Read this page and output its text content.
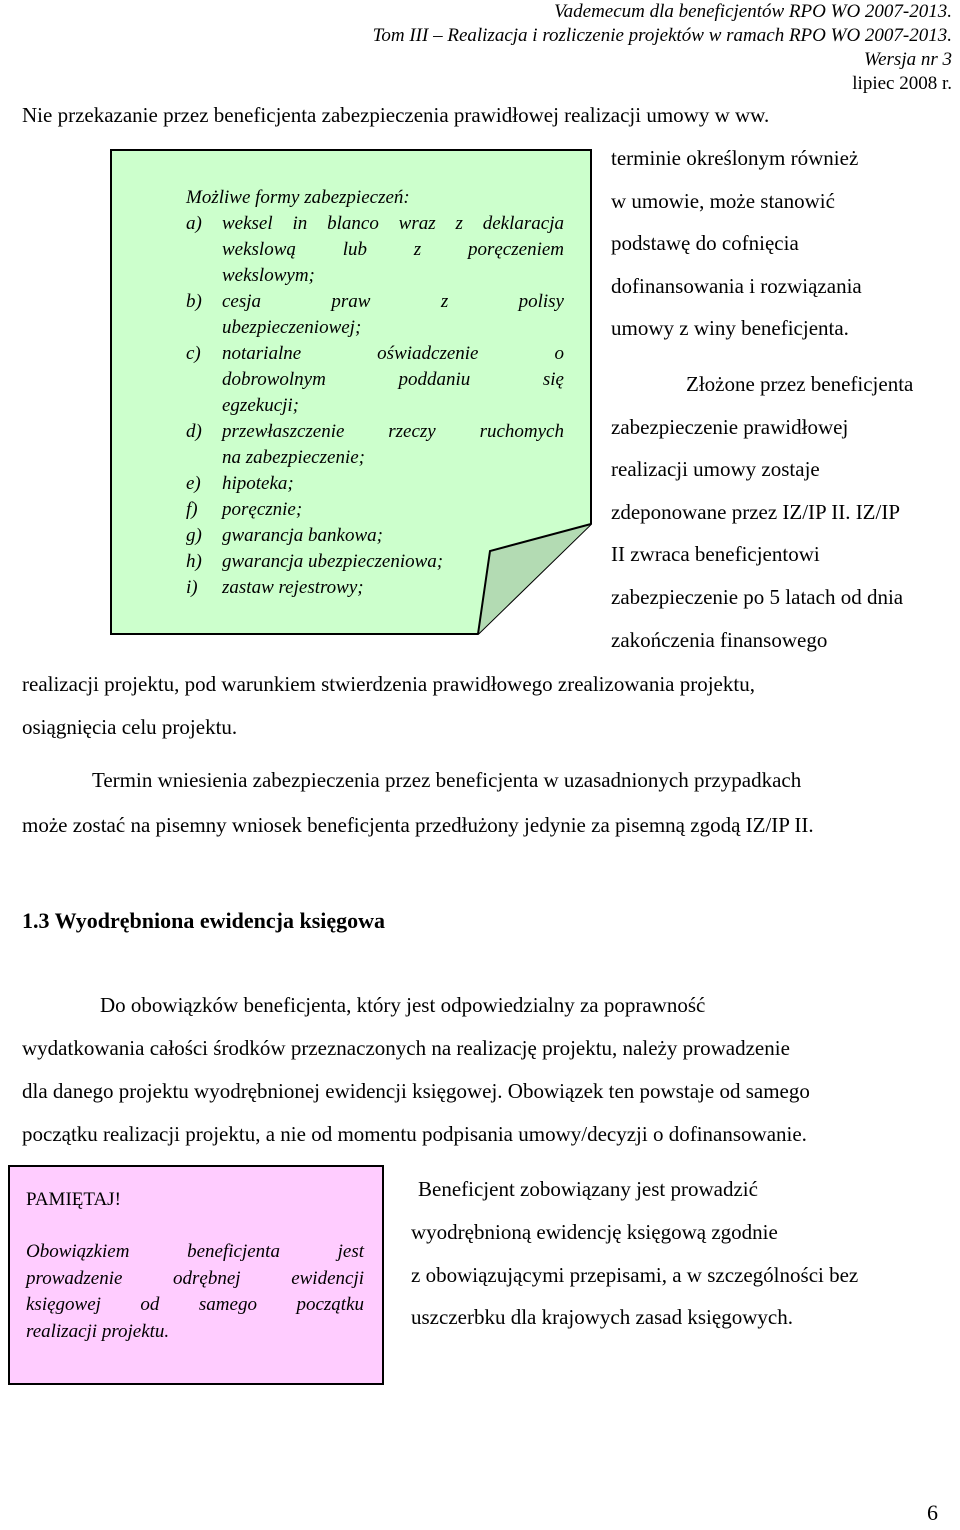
Vademecum dla beneficjentów RPO WO 2007-2013.
Tom III – Realizacja i rozliczenie projektów w ramach RPO WO 2007-2013.
Wersja nr 3
lipiec 2008 r.
Nie przekazanie przez beneficjenta zabezpieczenia prawidłowej realizacji umowy w ww.
Możliwe formy zabezpieczeń:
a) weksel in blanco wraz z deklaracja
wekslową lub z poręczeniem
wekslowym;
b) cesja praw z polisy
ubezpieczeniowej;
c) notarialne oświadczenie o
dobrowolnym poddaniu się
egzekucji;
d) przewłaszczenie rzeczy ruchomych
na zabezpieczenie;
e) hipoteka;
f) poręcznie;
g) gwarancja bankowa;
h) gwarancja ubezpieczeniowa;
i) zastaw rejestrowy;
terminie określonym również
w umowie, może stanowić
podstawę do cofnięcia
dofinansowania i rozwiązania
umowy z winy beneficjenta.
Złożone przez beneficjenta
zabezpieczenie prawidłowej
realizacji umowy zostaje
zdeponowane przez IZ/IP II. IZ/IP
II zwraca beneficjentowi
zabezpieczenie po 5 latach od dnia
zakończenia finansowego
realizacji projektu, pod warunkiem stwierdzenia prawidłowego zrealizowania projektu,
osiągnięcia celu projektu.
Termin wniesienia zabezpieczenia przez beneficjenta w uzasadnionych przypadkach
może zostać na pisemny wniosek beneficjenta przedłużony jedynie za pisemną zgodą IZ/IP II.
1.3 Wyodrębniona ewidencja księgowa
Do obowiązków beneficjenta, który jest odpowiedzialny za poprawność
wydatkowania całości środków przeznaczonych na realizację projektu, należy prowadzenie
dla danego projektu wyodrębnionej ewidencji księgowej. Obowiązek ten powstaje od samego
początku realizacji projektu, a nie od momentu podpisania umowy/decyzji o dofinansowanie.
PAMIĘTAJ!
Obowiązkiem beneficjenta jest
prowadzenie odrębnej ewidencji
księgowej od samego początku
realizacji projektu.
Beneficjent zobowiązany jest prowadzić
wyodrębnioną ewidencję księgową zgodnie
z obowiązującymi przepisami, a w szczególności bez
uszczerbku dla krajowych zasad księgowych.
6
